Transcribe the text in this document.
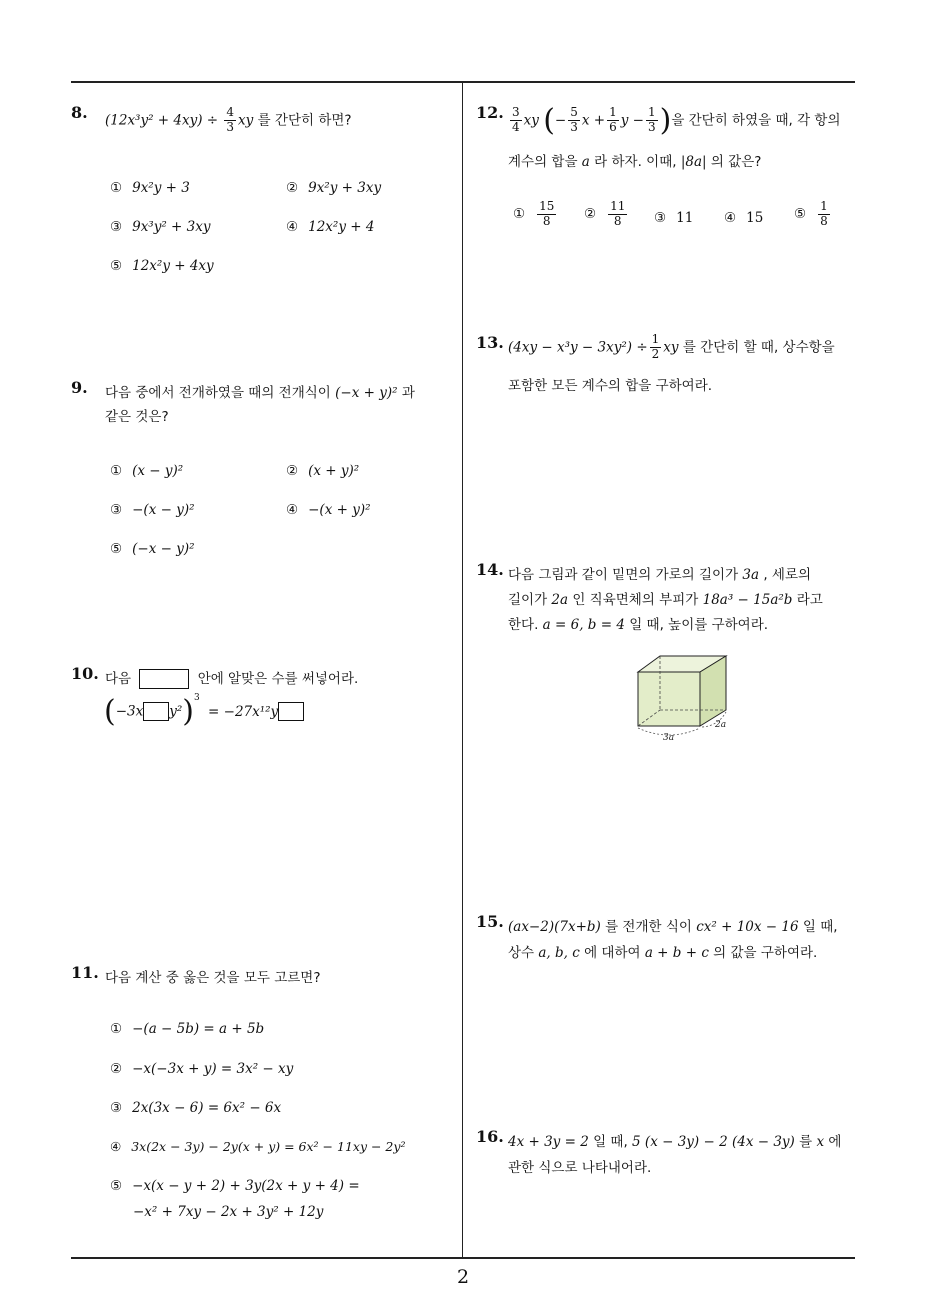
8. $(12x^3y^2 + 4xy) \div \frac{4}{3}$ xy 를 간단히 하면?
① 9x²y + 3	② 9x²y + 3xy
③ 9x³y² + 3xy	④ 12x²y + 4
⑤ 12x²y + 4xy
9. 다음 중에서 전개하였을 때의 전개식이 (−x + y)² 과
같은 것은?
① (x − y)²	② (x + y)²
③ −(x − y)²	④ −(x + y)²
⑤ (−x − y)²
10. 다음	안에 알맞은 수를 써넣어라.
(−3x y²)$^3$ = −27x¹²y
11. 다음 계산 중 옳은 것을 모두 고르면?
① −(a − 5b) = a + 5b
② −x(−3x + y) = 3x² − xy
③ 2x(3x − 6) = 6x² − 6x
④ 3x(2x − 3y) − 2y(x + y) = 6x² − 11xy − 2y²
⑤ −x(x − y + 2) + 3y(2x + y + 4) =
−x² + 7xy − 2x + 3y² + 12y
12. $\frac{3}{4}$ xy (− $\frac{5}{3}$ $x + \frac{1}{6}$ $y - \frac{1}{3}$ )을 간단히 하였을 때, 각 항의
계수의 합을 a 라 하자. 이때, |8a| 의 값은?
① $\frac{15}{8}$ ② $\frac{11}{8}$ ③ 11 ④ 15 ⑤ $\frac{1}{8}$
13. $(4xy - x^3y - 3xy^2) \div \frac{1}{2}$ xy 를 간단히 할 때, 상수항을
포함한 모든 계수의 합을 구하여라.
14. 다음 그림과 같이 밑면의 가로의 길이가 3a , 세로의
길이가 2a 인 직육면체의 부피가 18a³ − 15a²b 라고
한다. a = 6, b = 4 일 때, 높이를 구하여라.
3a
2a
15. (ax−2)(7x+b) 를 전개한 식이 cx² + 10x − 16 일 때,
상수 a, b, c 에 대하여 a + b + c 의 값을 구하여라.
16. 4x + 3y = 2 일 때, 5 (x − 3y) − 2 (4x − 3y) 를 x 에
관한 식으로 나타내어라.
2
